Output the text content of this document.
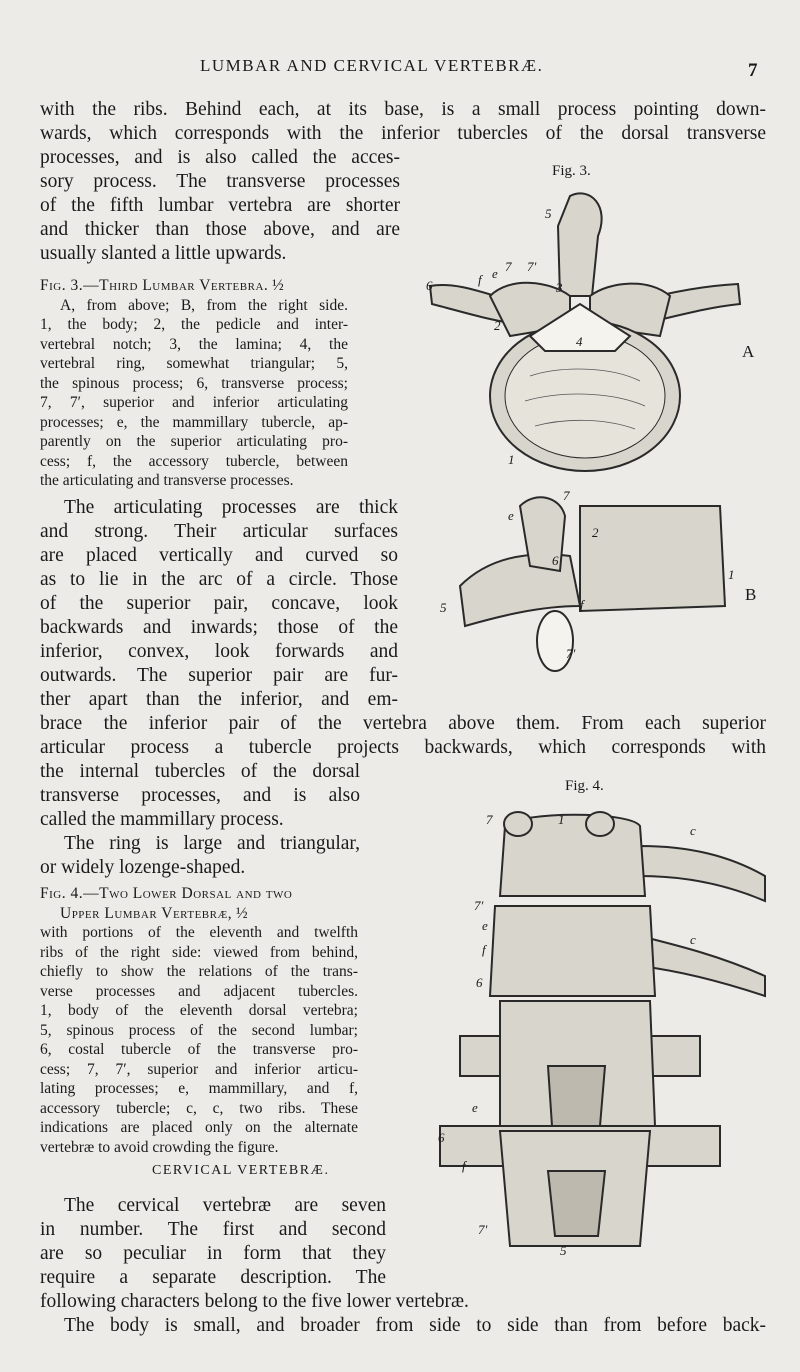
LUMBAR AND CERVICAL VERTEBRÆ.	7
with the ribs. Behind each, at its base, is a small process pointing down-
wards, which corresponds with the inferior tubercles of the dorsal transverse
processes, and is also called the acces-
sory process. The transverse processes
of the fifth lumbar vertebra are shorter
and thicker than those above, and are
usually slanted a little upwards.
Fig. 3.—Third Lumbar Vertebra. ½
A, from above; B, from the right side.
1, the body; 2, the pedicle and inter-
vertebral notch; 3, the lamina; 4, the
vertebral ring, somewhat triangular; 5,
the spinous process; 6, transverse process;
7, 7′, superior and inferior articulating
processes; e, the mammillary tubercle, ap-
parently on the superior articulating pro-
cess; f, the accessory tubercle, between
the articulating and transverse processes.
Fig. 3.
A
B
5
6	f e 7 7′
3
2
4
1
7
e
2
6
1
5	f
7′
The articulating processes are thick
and strong. Their articular surfaces
are placed vertically and curved so
as to lie in the arc of a circle. Those
of the superior pair, concave, look
backwards and inwards; those of the
inferior, convex, look forwards and
outwards. The superior pair are fur-
ther apart than the inferior, and em-
brace the inferior pair of the vertebra above them. From each superior
articular process a tubercle projects backwards, which corresponds with
the internal tubercles of the dorsal
transverse processes, and is also
called the mammillary process.
The ring is large and triangular,
or widely lozenge-shaped.
Fig. 4.—Two Lower Dorsal and two
Upper Lumbar Vertebræ, ½
with portions of the eleventh and twelfth
ribs of the right side: viewed from behind,
chiefly to show the relations of the trans-
verse processes and adjacent tubercles.
1, body of the eleventh dorsal vertebra;
5, spinous process of the second lumbar;
6, costal tubercle of the transverse pro-
cess; 7, 7′, superior and inferior articu-
lating processes; e, mammillary, and f,
accessory tubercle; c, c, two ribs. These
indications are placed only on the alternate
vertebræ to avoid crowding the figure.
Fig. 4.
7	1
c
7′
e
f
6
c
e
6
f
7′
5
CERVICAL VERTEBRÆ.
The cervical vertebræ are seven
in number. The first and second
are so peculiar in form that they
require a separate description. The
following characters belong to the five lower vertebræ.
The body is small, and broader from side to side than from before back-
